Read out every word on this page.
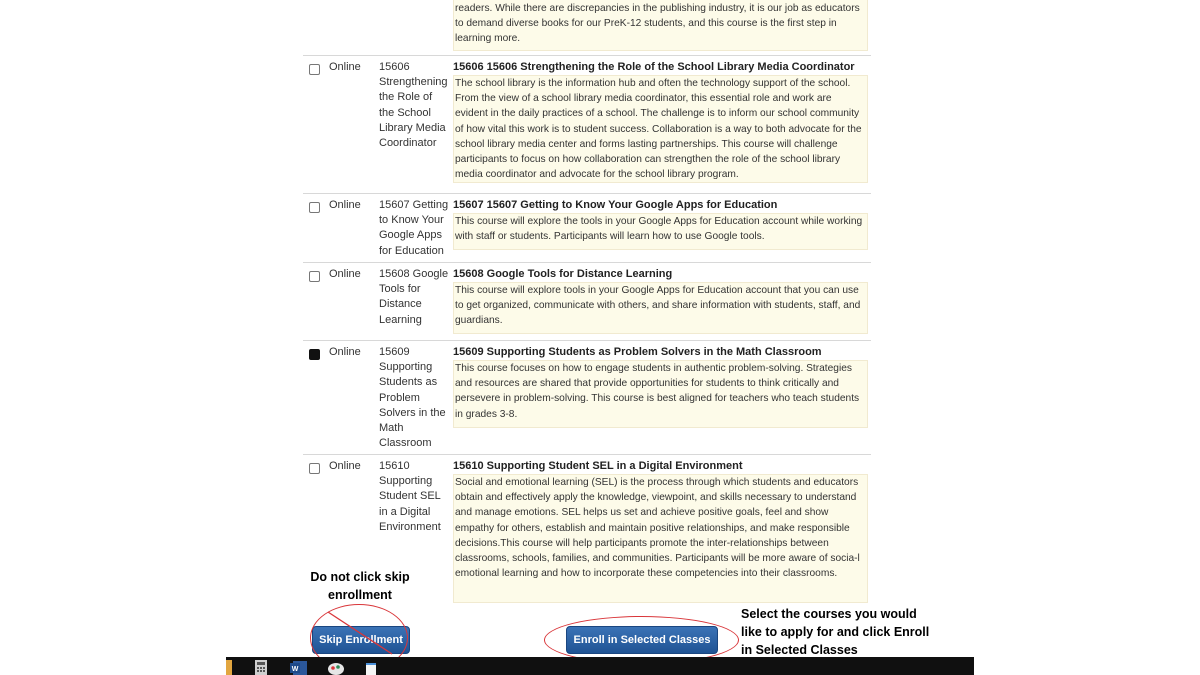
readers. While there are discrepancies in the publishing industry, it is our job as educators to demand diverse books for our PreK-12 students, and this course is the first step in learning more.
Online 15606 Strengthening the Role of the School Library Media Coordinator
15606 15606 Strengthening the Role of the School Library Media Coordinator
The school library is the information hub and often the technology support of the school. From the view of a school library media coordinator, this essential role and work are evident in the daily practices of a school. The challenge is to inform our school community of how vital this work is to student success. Collaboration is a way to both advocate for the school library media center and forms lasting partnerships. This course will challenge participants to focus on how collaboration can strengthen the role of the school library media coordinator and advocate for the school library program.
Online 15607 Getting to Know Your Google Apps for Education
15607 15607 Getting to Know Your Google Apps for Education
This course will explore the tools in your Google Apps for Education account while working with staff or students. Participants will learn how to use Google tools.
Online 15608 Google Tools for Distance Learning
15608 Google Tools for Distance Learning
This course will explore tools in your Google Apps for Education account that you can use to get organized, communicate with others, and share information with students, staff, and guardians.
Online 15609 Supporting Students as Problem Solvers in the Math Classroom
15609 Supporting Students as Problem Solvers in the Math Classroom
This course focuses on how to engage students in authentic problem-solving. Strategies and resources are shared that provide opportunities for students to think critically and persevere in problem-solving. This course is best aligned for teachers who teach students in grades 3-8.
Online 15610 Supporting Student SEL in a Digital Environment
15610 Supporting Student SEL in a Digital Environment
Social and emotional learning (SEL) is the process through which students and educators obtain and effectively apply the knowledge, viewpoint, and skills necessary to understand and manage emotions. SEL helps us set and achieve positive goals, feel and show empathy for others, establish and maintain positive relationships, and make responsible decisions.This course will help participants promote the inter-relationships between classrooms, schools, families, and communities. Participants will be more aware of socia-l emotional learning and how to incorporate these competencies into their classrooms.
Skip Enrollment	Enroll in Selected Classes
Do not click skip enrollment
Select the courses you would like to apply for and click Enroll in Selected Classes
W
